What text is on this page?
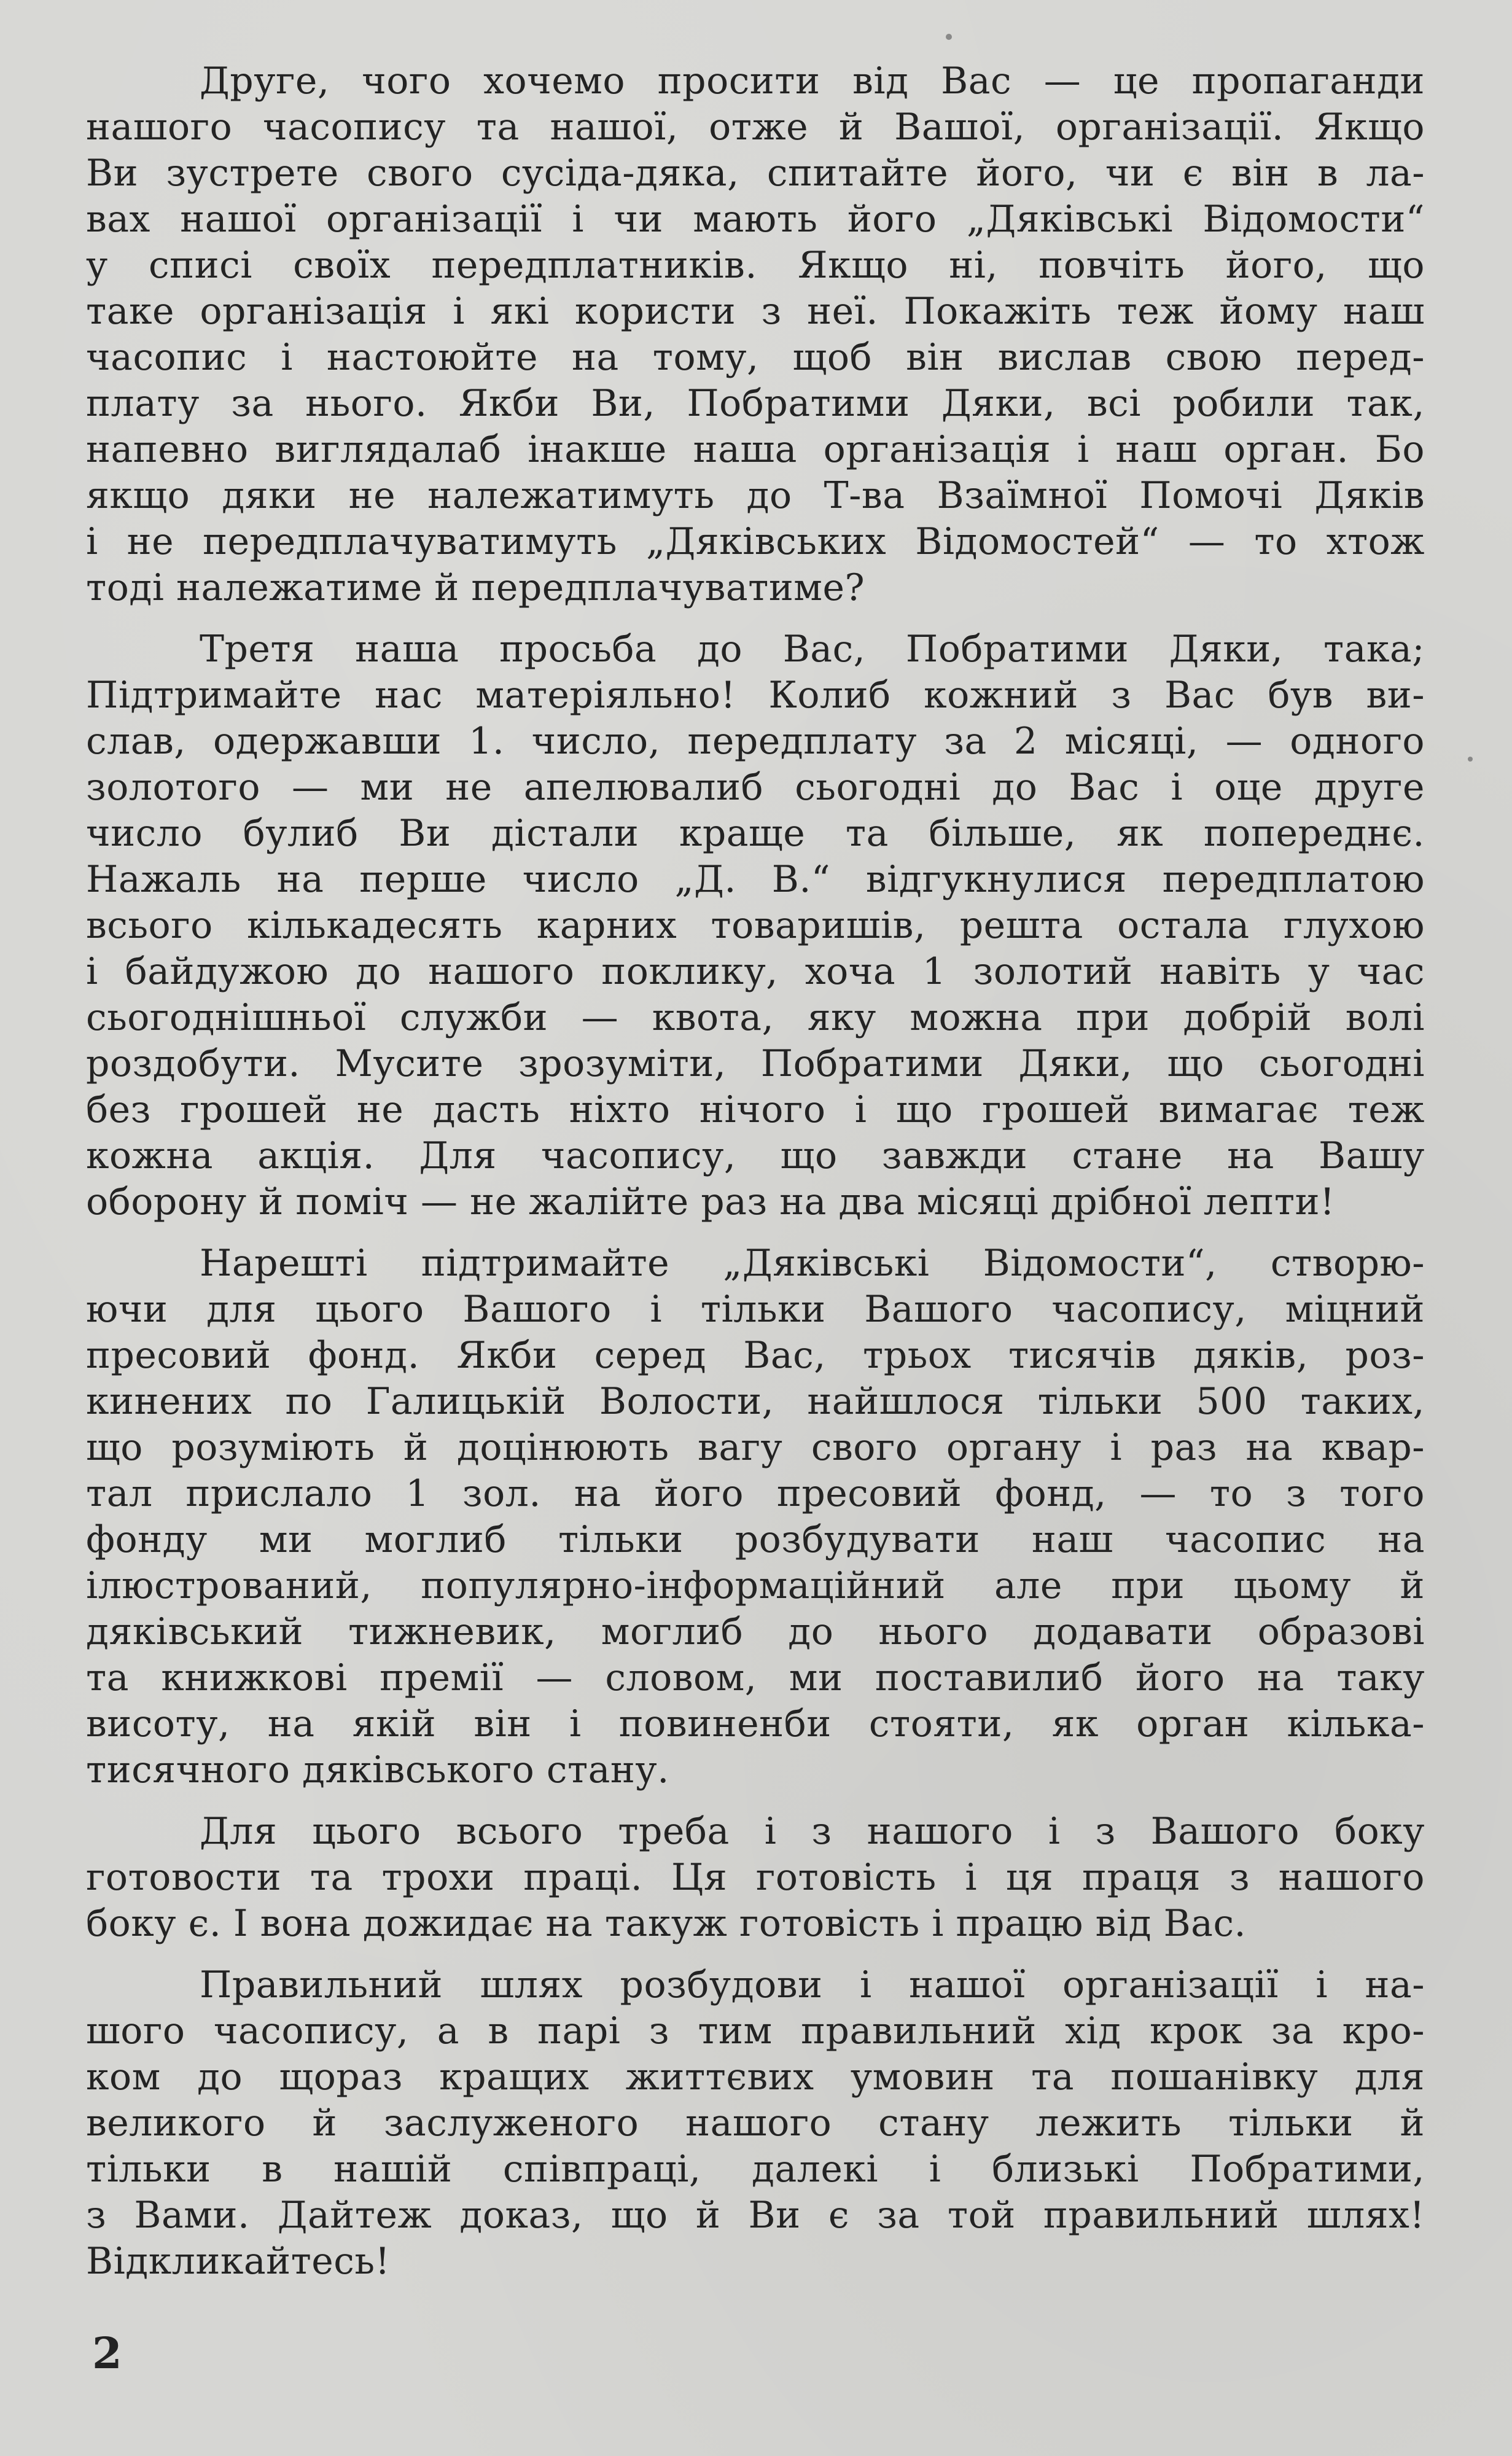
Друге, чого хочемо просити від Вас — це пропаганди
нашого часопису та нашої, отже й Вашої, організації. Якщо
Ви зустрете свого сусіда-дяка, спитайте його, чи є він в ла-
вах нашої організації і чи мають його „Дяківські Відомости“
у списі своїх передплатників. Якщо ні, повчіть його, що
таке організація і які користи з неї. Покажіть теж йому наш
часопис і настоюйте на тому, щоб він вислав свою перед-
плату за нього. Якби Ви, Побратими Дяки, всі робили так,
напевно виглядалаб інакше наша організація і наш орган. Бо
якщо дяки не належатимуть до Т-ва Взаїмної Помочі Дяків
і не передплачуватимуть „Дяківських Відомостей“ — то хтож
тоді належатиме й передплачуватиме?
Третя наша просьба до Вас, Побратими Дяки, така;
Підтримайте нас матеріяльно! Колиб кожний з Вас був ви-
слав, одержавши 1. число, передплату за 2 місяці, — одного
золотого — ми не апелювалиб сьогодні до Вас і оце друге
число булиб Ви дістали краще та більше, як попереднє.
Нажаль на перше число „Д. В.“ відгукнулися передплатою
всього кількадесять карних товаришів, решта остала глухою
і байдужою до нашого поклику, хоча 1 золотий навіть у час
сьогоднішньої служби — квота, яку можна при добрій волі
роздобути. Мусите зрозуміти, Побратими Дяки, що сьогодні
без грошей не дасть ніхто нічого і що грошей вимагає теж
кожна акція. Для часопису, що завжди стане на Вашу
оборону й поміч — не жалійте раз на два місяці дрібної лепти!
Нарешті підтримайте „Дяківські Відомости“, створю-
ючи для цього Вашого і тільки Вашого часопису, міцний
пресовий фонд. Якби серед Вас, трьох тисячів дяків, роз-
кинених по Галицькій Волости, найшлося тільки 500 таких,
що розуміють й доцінюють вагу свого органу і раз на квар-
тал прислало 1 зол. на його пресовий фонд, — то з того
фонду ми моглиб тільки розбудувати наш часопис на
ілюстрований, популярно-інформаційний але при цьому й
дяківський тижневик, моглиб до нього додавати образові
та книжкові премії — словом, ми поставилиб його на таку
висоту, на якій він і повиненби стояти, як орган кілька-
тисячного дяківського стану.
Для цього всього треба і з нашого і з Вашого боку
готовости та трохи праці. Ця готовість і ця праця з нашого
боку є. І вона дожидає на такуж готовість і працю від Вас.
Правильний шлях розбудови і нашої організації і на-
шого часопису, а в парі з тим правильний хід крок за кро-
ком до щораз кращих життєвих умовин та пошанівку для
великого й заслуженого нашого стану лежить тільки й
тільки в нашій співпраці, далекі і близькі Побратими,
з Вами. Дайтеж доказ, що й Ви є за той правильний шлях!
Відкликайтесь!
2
